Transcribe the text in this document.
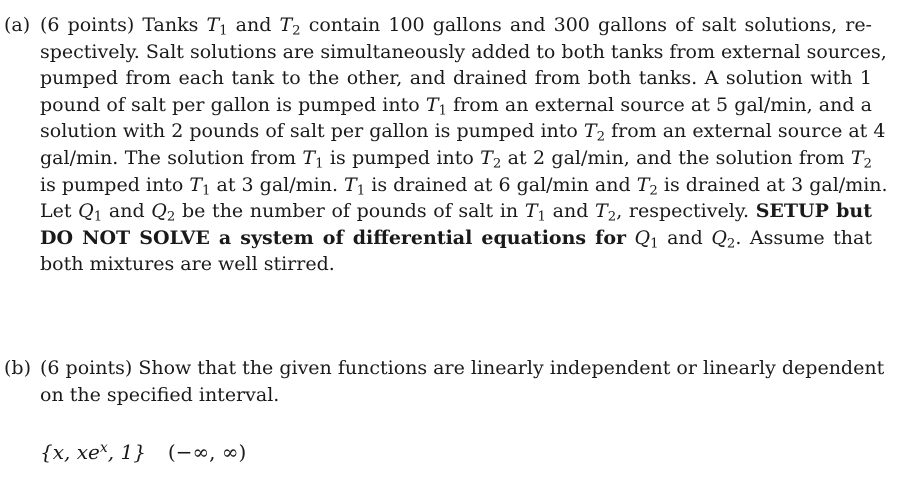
(a) (6 points) Tanks $T_1$ and $T_2$ contain 100 gallons and 300 gallons of salt solutions, re-
spectively. Salt solutions are simultaneously added to both tanks from external sources,
pumped from each tank to the other, and drained from both tanks. A solution with 1
pound of salt per gallon is pumped into $T_1$ from an external source at 5 gal/min, and a
solution with 2 pounds of salt per gallon is pumped into $T_2$ from an external source at 4
gal/min. The solution from $T_1$ is pumped into $T_2$ at 2 gal/min, and the solution from $T_2$
is pumped into $T_1$ at 3 gal/min. $T_1$ is drained at 6 gal/min and $T_2$ is drained at 3 gal/min.
Let $Q_1$ and $Q_2$ be the number of pounds of salt in $T_1$ and $T_2$, respectively. SETUP but
DO NOT SOLVE a system of differential equations for $Q_1$ and $Q_2$. Assume that
both mixtures are well stirred.
(b) (6 points) Show that the given functions are linearly independent or linearly dependent
on the specified interval.
{x, $xe^x$, 1} (−∞, ∞)
